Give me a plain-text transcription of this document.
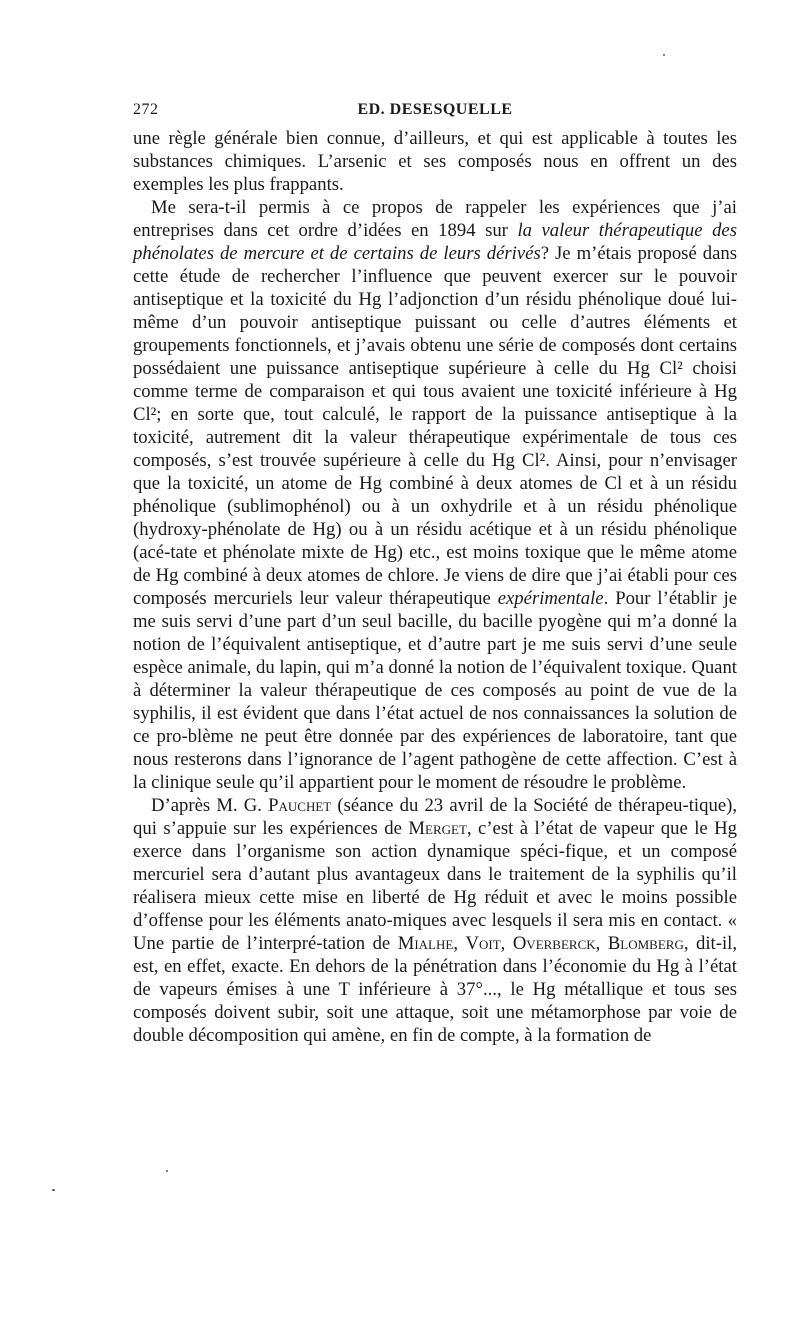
272	ED. DESESQUELLE

une règle générale bien connue, d’ailleurs, et qui est applicable à toutes les substances chimiques. L’arsenic et ses composés nous en offrent un des exemples les plus frappants.

Me sera-t-il permis à ce propos de rappeler les expériences que j’ai entreprises dans cet ordre d’idées en 1894 sur la valeur thérapeutique des phénolates de mercure et de certains de leurs dérivés? Je m’étais proposé dans cette étude de rechercher l’influence que peuvent exercer sur le pouvoir antiseptique et la toxicité du Hg l’adjonction d’un résidu phénolique doué lui-même d’un pouvoir antiseptique puissant ou celle d’autres éléments et groupements fonctionnels, et j’avais obtenu une série de composés dont certains possédaient une puissance antiseptique supérieure à celle du Hg Cl² choisi comme terme de comparaison et qui tous avaient une toxicité inférieure à Hg Cl²; en sorte que, tout calculé, le rapport de la puissance antiseptique à la toxicité, autrement dit la valeur thérapeutique expérimentale de tous ces composés, s’est trouvée supérieure à celle du Hg Cl². Ainsi, pour n’envisager que la toxicité, un atome de Hg combiné à deux atomes de Cl et à un résidu phénolique (sublimophénol) ou à un oxhydrile et à un résidu phénolique (hydroxy-phénolate de Hg) ou à un résidu acétique et à un résidu phénolique (acé-tate et phénolate mixte de Hg) etc., est moins toxique que le même atome de Hg combiné à deux atomes de chlore. Je viens de dire que j’ai établi pour ces composés mercuriels leur valeur thérapeutique expérimentale. Pour l’établir je me suis servi d’une part d’un seul bacille, du bacille pyogène qui m’a donné la notion de l’équivalent antiseptique, et d’autre part je me suis servi d’une seule espèce animale, du lapin, qui m’a donné la notion de l’équivalent toxique. Quant à déterminer la valeur thérapeutique de ces composés au point de vue de la syphilis, il est évident que dans l’état actuel de nos connaissances la solution de ce pro-blème ne peut être donnée par des expériences de laboratoire, tant que nous resterons dans l’ignorance de l’agent pathogène de cette affection. C’est à la clinique seule qu’il appartient pour le moment de résoudre le problème.

D’après M. G. Pauchet (séance du 23 avril de la Société de thérapeu-tique), qui s’appuie sur les expériences de Merget, c’est à l’état de vapeur que le Hg exerce dans l’organisme son action dynamique spéci-fique, et un composé mercuriel sera d’autant plus avantageux dans le traitement de la syphilis qu’il réalisera mieux cette mise en liberté de Hg réduit et avec le moins possible d’offense pour les éléments anato-miques avec lesquels il sera mis en contact. « Une partie de l’interpré-tation de Mialhe, Voit, Overberck, Blomberg, dit-il, est, en effet, exacte. En dehors de la pénétration dans l’économie du Hg à l’état de vapeurs émises à une T inférieure à 37°..., le Hg métallique et tous ses composés doivent subir, soit une attaque, soit une métamorphose par voie de double décomposition qui amène, en fin de compte, à la formation de
